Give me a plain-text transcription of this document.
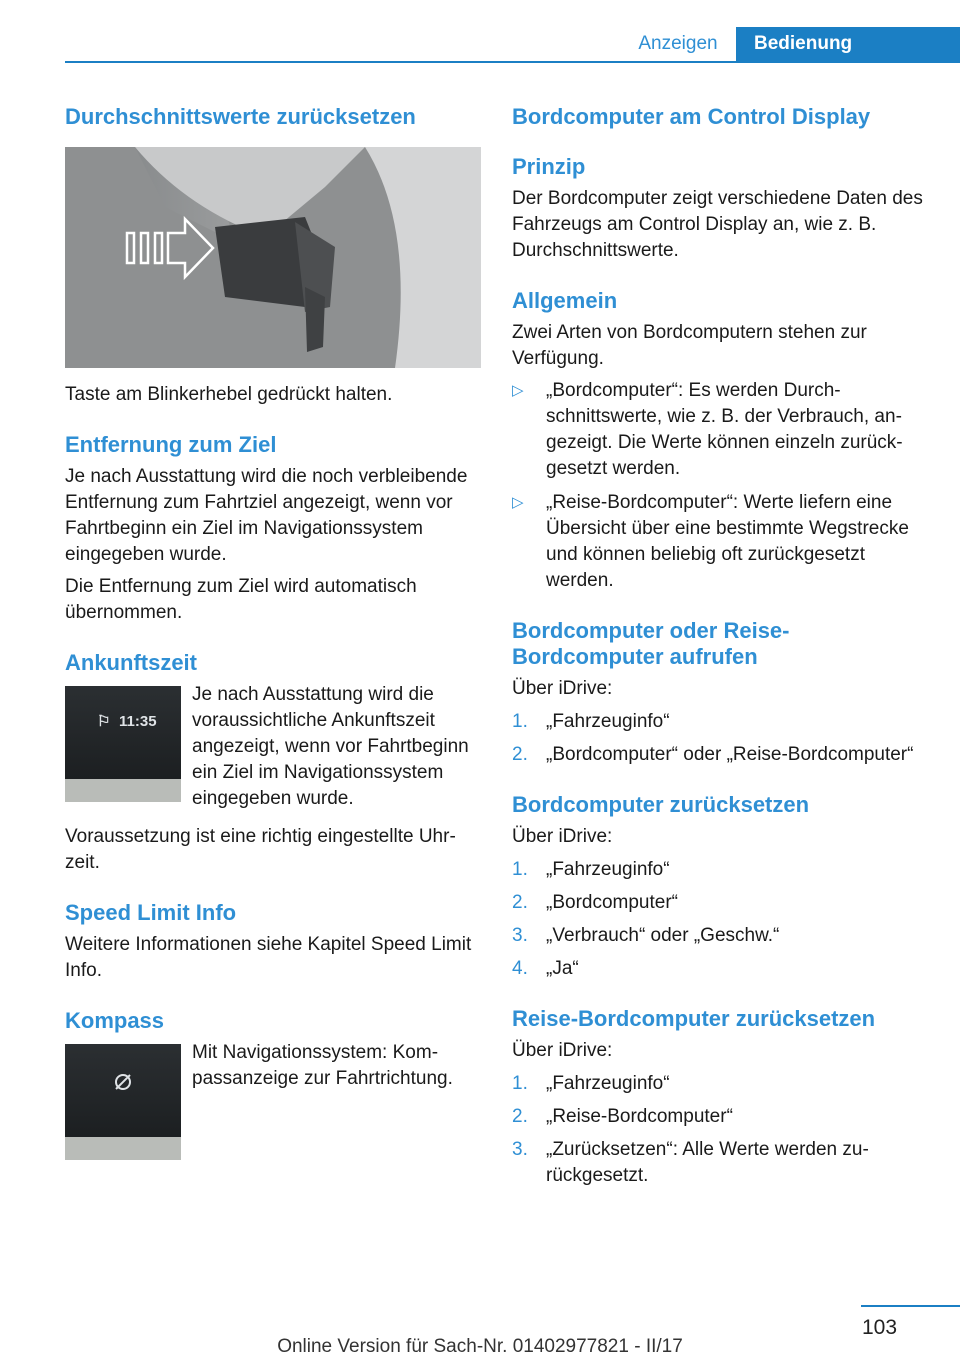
Anzeigen	Bedienung
Durchschnittswerte zurücksetzen

Taste am Blinkerhebel gedrückt halten.

Entfernung zum Ziel

Je nach Ausstattung wird die noch verbleibende Entfernung zum Fahrtziel angezeigt, wenn vor Fahrtbeginn ein Ziel im Navigationssystem eingegeben wurde.

Die Entfernung zum Ziel wird automatisch übernommen.

Ankunftszeit
⚐ 11:35

Je nach Ausstattung wird die voraussichtliche Ankunftszeit angezeigt, wenn vor Fahrtbeginn ein Ziel im Navigationssystem eingegeben wurde.

Voraussetzung ist eine richtig eingestellte Uhrzeit.

Speed Limit Info

Weitere Informationen siehe Kapitel Speed Limit Info.

Kompass

Mit Navigationssystem: Kompassanzeige zur Fahrtrichtung.

Bordcomputer am Control Display
Prinzip

Der Bordcomputer zeigt verschiedene Daten des Fahrzeugs am Control Display an, wie z. B. Durchschnittswerte.

Allgemein

Zwei Arten von Bordcomputern stehen zur Verfügung.

▷ „Bordcomputer“: Es werden Durchschnittswerte, wie z. B. der Verbrauch, angezeigt. Die Werte können einzeln zurückgesetzt werden.
▷ „Reise-Bordcomputer“: Werte liefern eine Übersicht über eine bestimmte Wegstrecke und können beliebig oft zurückgesetzt werden.
Bordcomputer oder Reise-Bordcomputer aufrufen

Über iDrive:

1. „Fahrzeuginfo“
2. „Bordcomputer“ oder „Reise-Bordcomputer“
Bordcomputer zurücksetzen

Über iDrive:

1. „Fahrzeuginfo“
2. „Bordcomputer“
3. „Verbrauch“ oder „Geschw.“
4. „Ja“
Reise-Bordcomputer zurücksetzen

Über iDrive:

1. „Fahrzeuginfo“
2. „Reise-Bordcomputer“
3. „Zurücksetzen“: Alle Werte werden zurückgesetzt.
103
Online Version für Sach-Nr. 01402977821 - II/17
